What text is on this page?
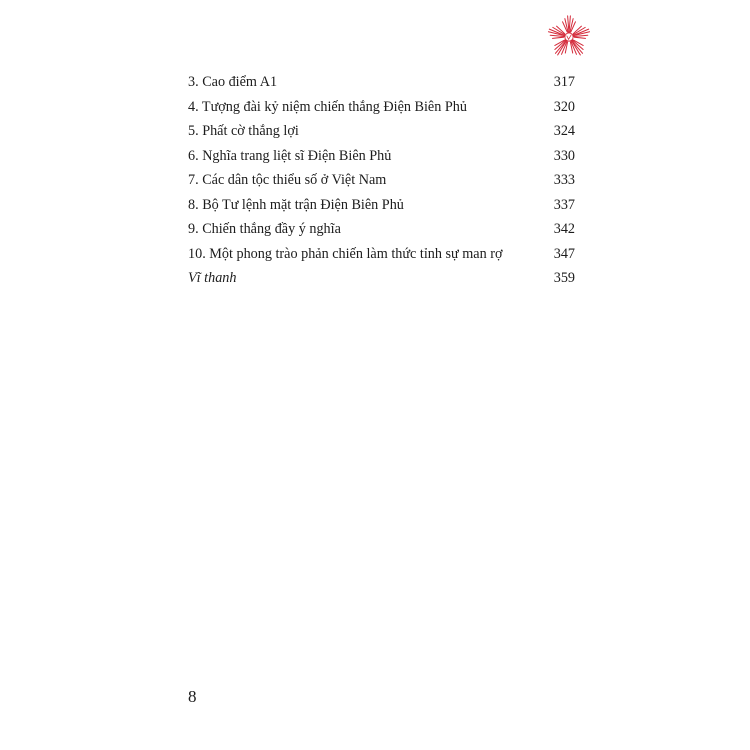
3. Cao điểm A1	317
4. Tượng đài kỷ niệm chiến thắng Điện Biên Phủ	320
5. Phất cờ thắng lợi	324
6. Nghĩa trang liệt sĩ Điện Biên Phủ	330
7. Các dân tộc thiểu số ở Việt Nam	333
8. Bộ Tư lệnh mặt trận Điện Biên Phủ	337
9. Chiến thắng đầy ý nghĩa	342
10. Một phong trào phản chiến làm thức tỉnh sự man rợ	347
Vĩ thanh	359
8
